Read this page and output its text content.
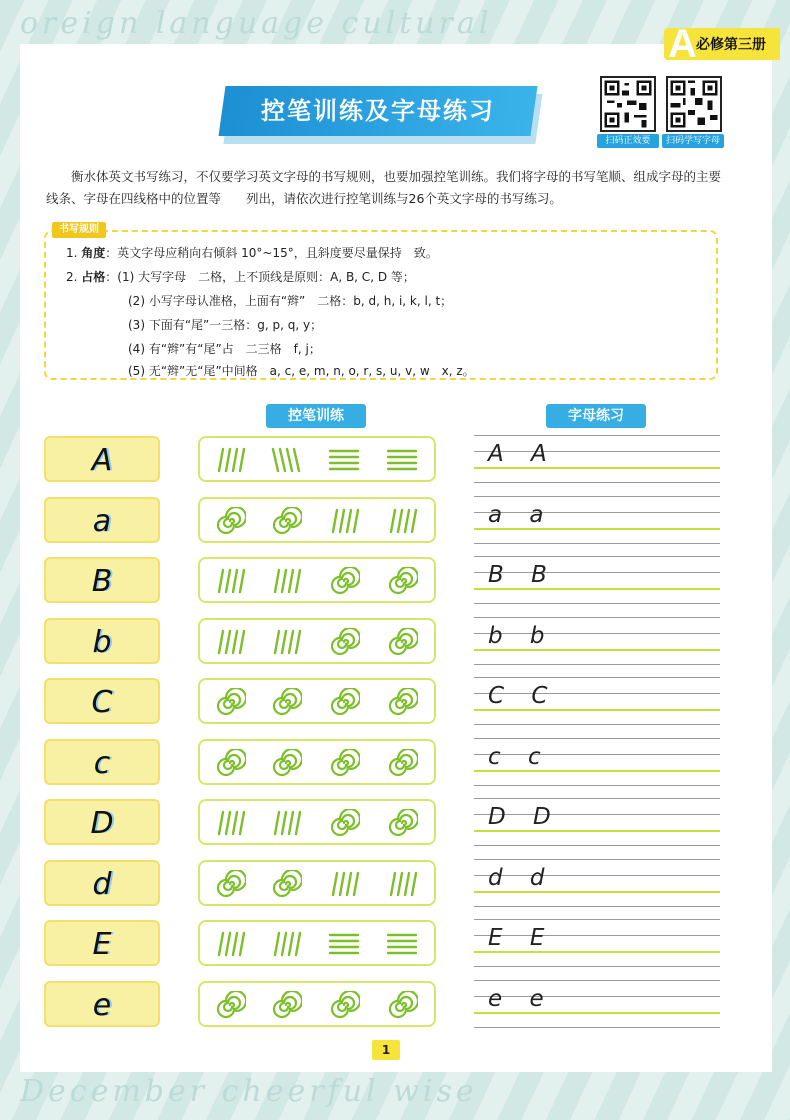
oreign language cultural
December cheerful wise
A 必修第三册
控笔训练及字母练习
扫码正效要	扫码学写字母

衡水体英文书写练习，不仅要学习英文字母的书写规则，也要加强控笔训练。我们将字母的书写笔顺、组成字母的主要线条、字母在四线格中的位置等　　列出，请依次进行控笔训练与26个英文字母的书写练习。

书写规则
1. 角度：英文字母应稍向右倾斜 10°~15°，且斜度要尽量保持　致。
2. 占格：(1) 大写字母　二格，上不顶线是原则：A, B, C, D 等；
(2) 小写字母认准格，上面有“辫”　二格：b, d, h, i, k, l, t；
(3) 下面有“尾”一三格：g, p, q, y；
(4) 有“辫”有“尾”占　二三格　f, j；
(5) 无“辫”无“尾”中间格　a, c, e, m, n, o, r, s, u, v, w　x, z。
控笔训练	字母练习
A	A A
a	a a
B	B B
b	b b
C	C C
c	c c
D	D D
d	d d
E	E E
e	e e
1
